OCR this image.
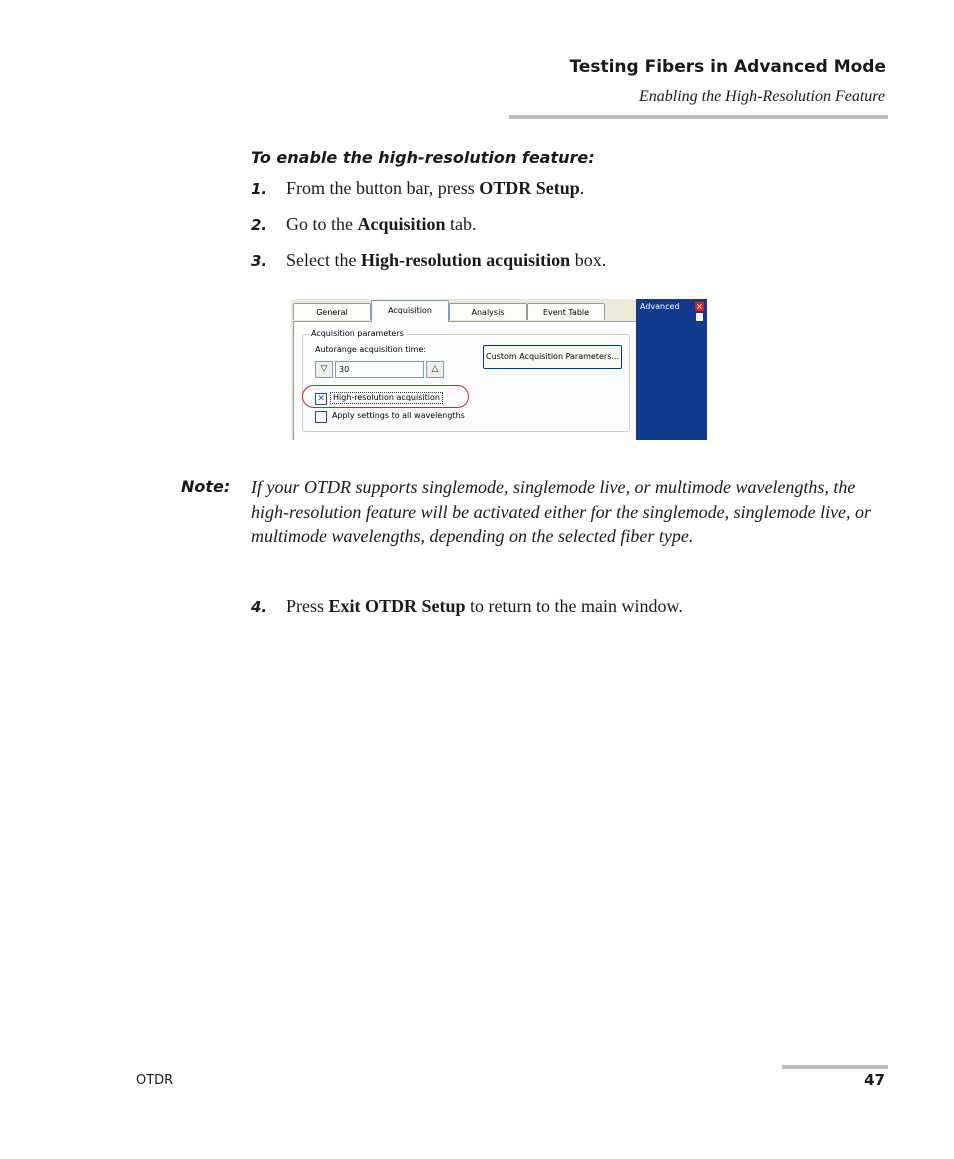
Testing Fibers in Advanced Mode
Enabling the High-Resolution Feature
To enable the high-resolution feature:
1. From the button bar, press OTDR Setup.
2. Go to the Acquisition tab.
3. Select the High-resolution acquisition box.
General	Acquisition	Analysis	Event Table
Acquisition parameters
Autorange acquisition time:
▽	30	△
Custom Acquisition Parameters...
✕	High-resolution acquisition
Apply settings to all wavelengths
Advanced ×
Note: If your OTDR supports singlemode, singlemode live, or multimode wavelengths, the high-resolution feature will be activated either for the singlemode, singlemode live, or multimode wavelengths, depending on the selected fiber type.
4. Press Exit OTDR Setup to return to the main window.
OTDR	47
